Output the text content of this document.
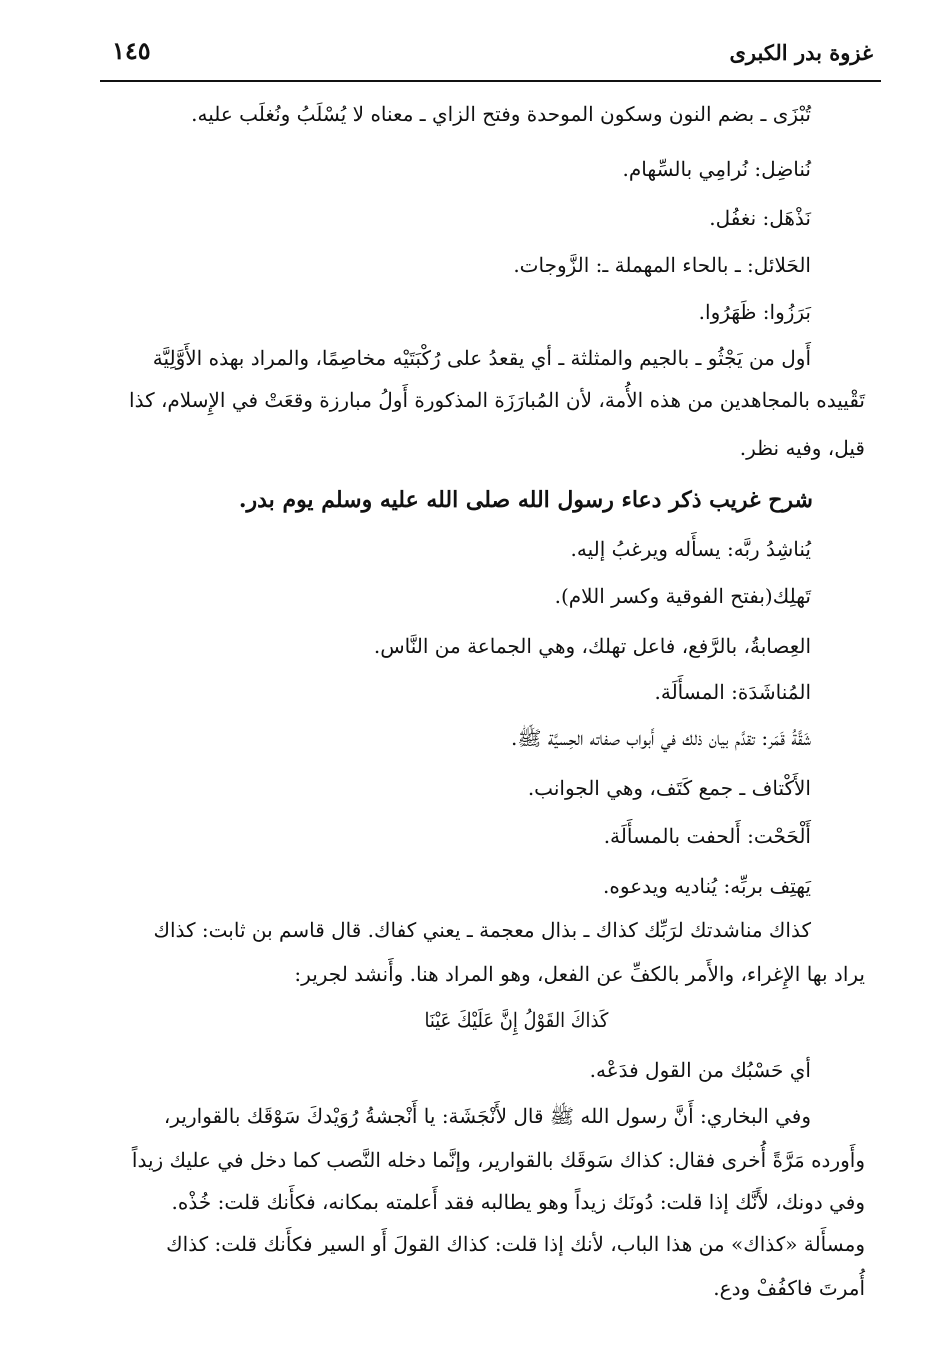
غزوة بدر الكبرى
١٤٥
تُبْزَى ـ بضم النون وسكون الموحدة وفتح الزاي ـ معناه لا يُسْلَبُ ونُغلَب عليه.
نُناضِل: نُرامِي بالسِّهام.
نَذْهَل: نغفُل.
الحَلائل: ـ بالحاء المهملة ـ: الزَّوجات.
بَرَزُوا: ظَهَرُوا.
أَول من يَجْثُو ـ بالجيم والمثلثة ـ أي يقعدُ على رُكْبَتَيْه مخاصِمًا، والمراد بهذه الأَوَّلِيَّة
تَقْييده بالمجاهدين من هذه الأُمة، لأن المُبارَزَة المذكورة أَولُ مبارزة وقعَتْ في الإِسلام، كذا
قيل، وفيه نظر.
شرح غريب ذكر دعاء رسول الله صلى الله عليه وسلم يوم بدر.
يُناشِدُ ربَّه: يسأَله ويرغبُ إليه.
تَهلِك(بفتح الفوقية وكسر اللام).
العِصابةُ، بالرَّفع، فاعل تهلك، وهي الجماعة من النَّاس.
المُناشَدَة: المسأَلَة.
شَقَّةُ قَمَر: تقدَّم بيان ذلك في أَبواب صفاته الحِسيَّة ﷺ.
الأَكْتاف ـ جمع كَتَف، وهي الجوانب.
أَلْحَحْت: أَلحفت بالمسأَلَة.
يَهتِف بربِّه: يُناديه ويدعوه.
كذاك مناشدتك لرَبِّك كذاك ـ بذال معجمة ـ يعني كفاك. قال قاسم بن ثابت: كذاك
يراد بها الإِغراء، والأَمر بالكفِّ عن الفعل، وهو المراد هنا. وأَنشد لجرير:
كَذاكَ القَوْلُ إِنَّ عَلَيْكَ عَيْنَا
أي حَسْبُك من القول فدَعْه.
وفي البخاري: أَنَّ رسول الله ﷺ قال لأَنْجَشَة: يا أَنْجشةُ رُوَيْدكَ سَوْقَك بالقوارير،
وأَورده مَرَّةً أُخرى فقال: كذاك سَوقَك بالقوارير، وإنَّما دخله النَّصب كما دخل في عليك زيداً
وفي دونك، لأَنَّك إذا قلت: دُونَك زيداً وهو يطالبه فقد أَعلمته بمكانه، فكأَنك قلت: خُذْه.
ومسأَلة «كذاك» من هذا الباب، لأنك إذا قلت: كذاك القولَ أَو السير فكأَنك قلت: كذاك
أُمرتَ فاكفُفْ ودع.
